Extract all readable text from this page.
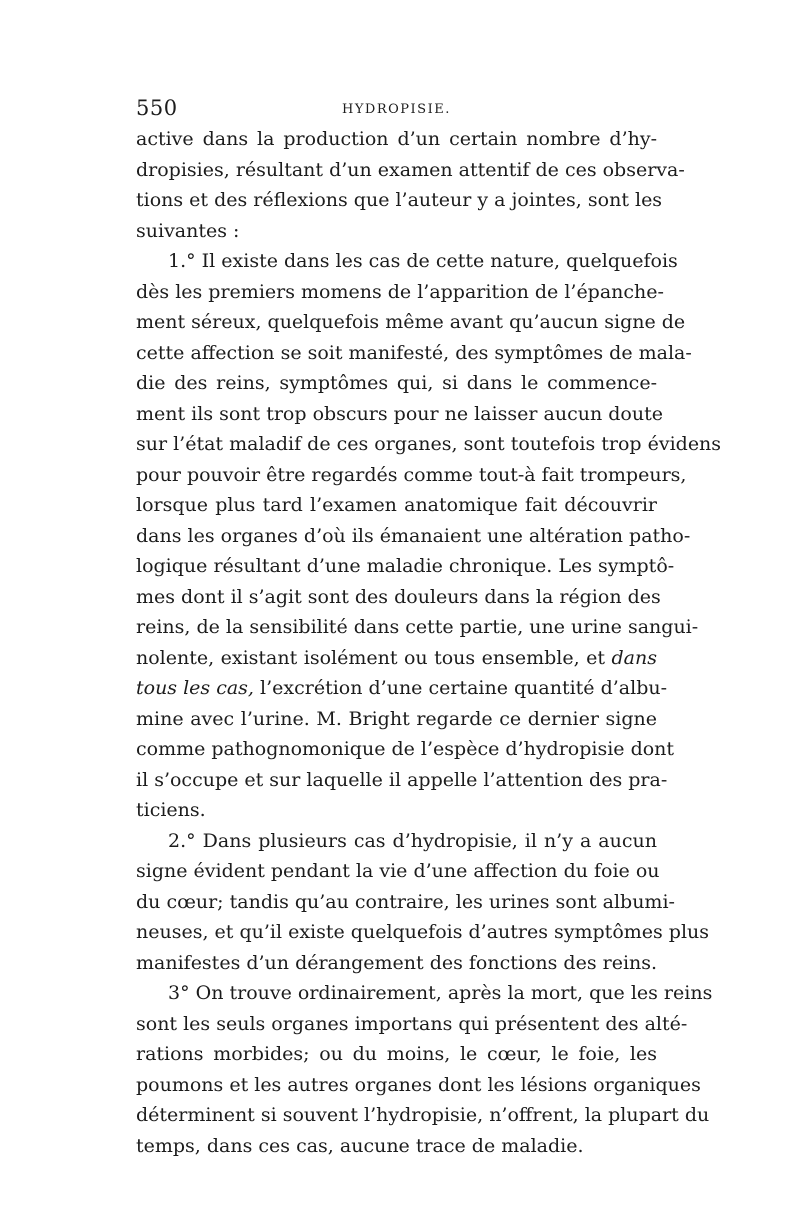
550	HYDROPISIE.
active dans la production d’un certain nombre d’hy-
dropisies, résultant d’un examen attentif de ces observa-
tions et des réflexions que l’auteur y a jointes, sont les
suivantes :
1.° Il existe dans les cas de cette nature, quelquefois
dès les premiers momens de l’apparition de l’épanche-
ment séreux, quelquefois même avant qu’aucun signe de
cette affection se soit manifesté, des symptômes de mala-
die des reins, symptômes qui, si dans le commence-
ment ils sont trop obscurs pour ne laisser aucun doute
sur l’état maladif de ces organes, sont toutefois trop évidens
pour pouvoir être regardés comme tout-à fait trompeurs,
lorsque plus tard l’examen anatomique fait découvrir
dans les organes d’où ils émanaient une altération patho-
logique résultant d’une maladie chronique. Les symptô-
mes dont il s’agit sont des douleurs dans la région des
reins, de la sensibilité dans cette partie, une urine sangui-
nolente, existant isolément ou tous ensemble, et dans
tous les cas, l’excrétion d’une certaine quantité d’albu-
mine avec l’urine. M. Bright regarde ce dernier signe
comme pathognomonique de l’espèce d’hydropisie dont
il s’occupe et sur laquelle il appelle l’attention des pra-
ticiens.
2.° Dans plusieurs cas d’hydropisie, il n’y a aucun
signe évident pendant la vie d’une affection du foie ou
du cœur; tandis qu’au contraire, les urines sont albumi-
neuses, et qu’il existe quelquefois d’autres symptômes plus
manifestes d’un dérangement des fonctions des reins.
3° On trouve ordinairement, après la mort, que les reins
sont les seuls organes importans qui présentent des alté-
rations morbides; ou du moins, le cœur, le foie, les
poumons et les autres organes dont les lésions organiques
déterminent si souvent l’hydropisie, n’offrent, la plupart du
temps, dans ces cas, aucune trace de maladie.
